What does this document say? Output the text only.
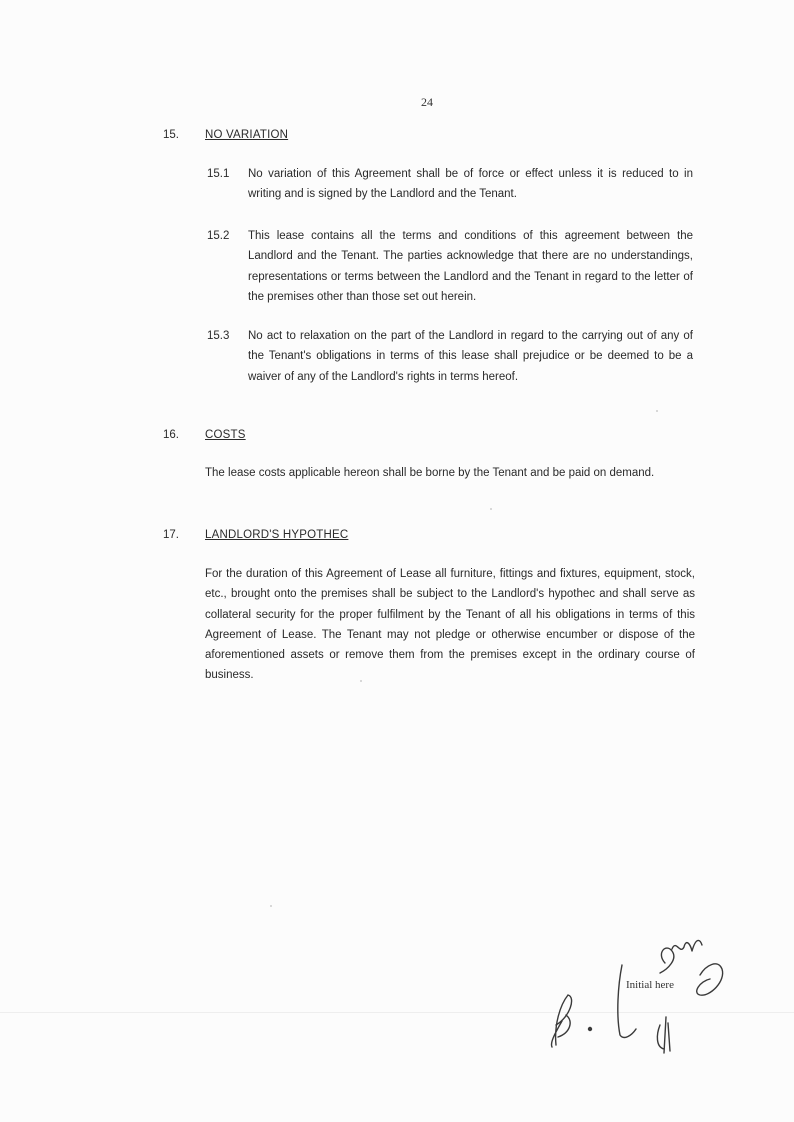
24
15. NO VARIATION
15.1 No variation of this Agreement shall be of force or effect unless it is reduced to in writing and is signed by the Landlord and the Tenant.
15.2 This lease contains all the terms and conditions of this agreement between the Landlord and the Tenant. The parties acknowledge that there are no understandings, representations or terms between the Landlord and the Tenant in regard to the letter of the premises other than those set out herein.
15.3 No act to relaxation on the part of the Landlord in regard to the carrying out of any of the Tenant's obligations in terms of this lease shall prejudice or be deemed to be a waiver of any of the Landlord's rights in terms hereof.
16. COSTS
The lease costs applicable hereon shall be borne by the Tenant and be paid on demand.
17. LANDLORD'S HYPOTHEC
For the duration of this Agreement of Lease all furniture, fittings and fixtures, equipment, stock, etc., brought onto the premises shall be subject to the Landlord's hypothec and shall serve as collateral security for the proper fulfilment by the Tenant of all his obligations in terms of this Agreement of Lease. The Tenant may not pledge or otherwise encumber or dispose of the aforementioned assets or remove them from the premises except in the ordinary course of business.
Initial here
